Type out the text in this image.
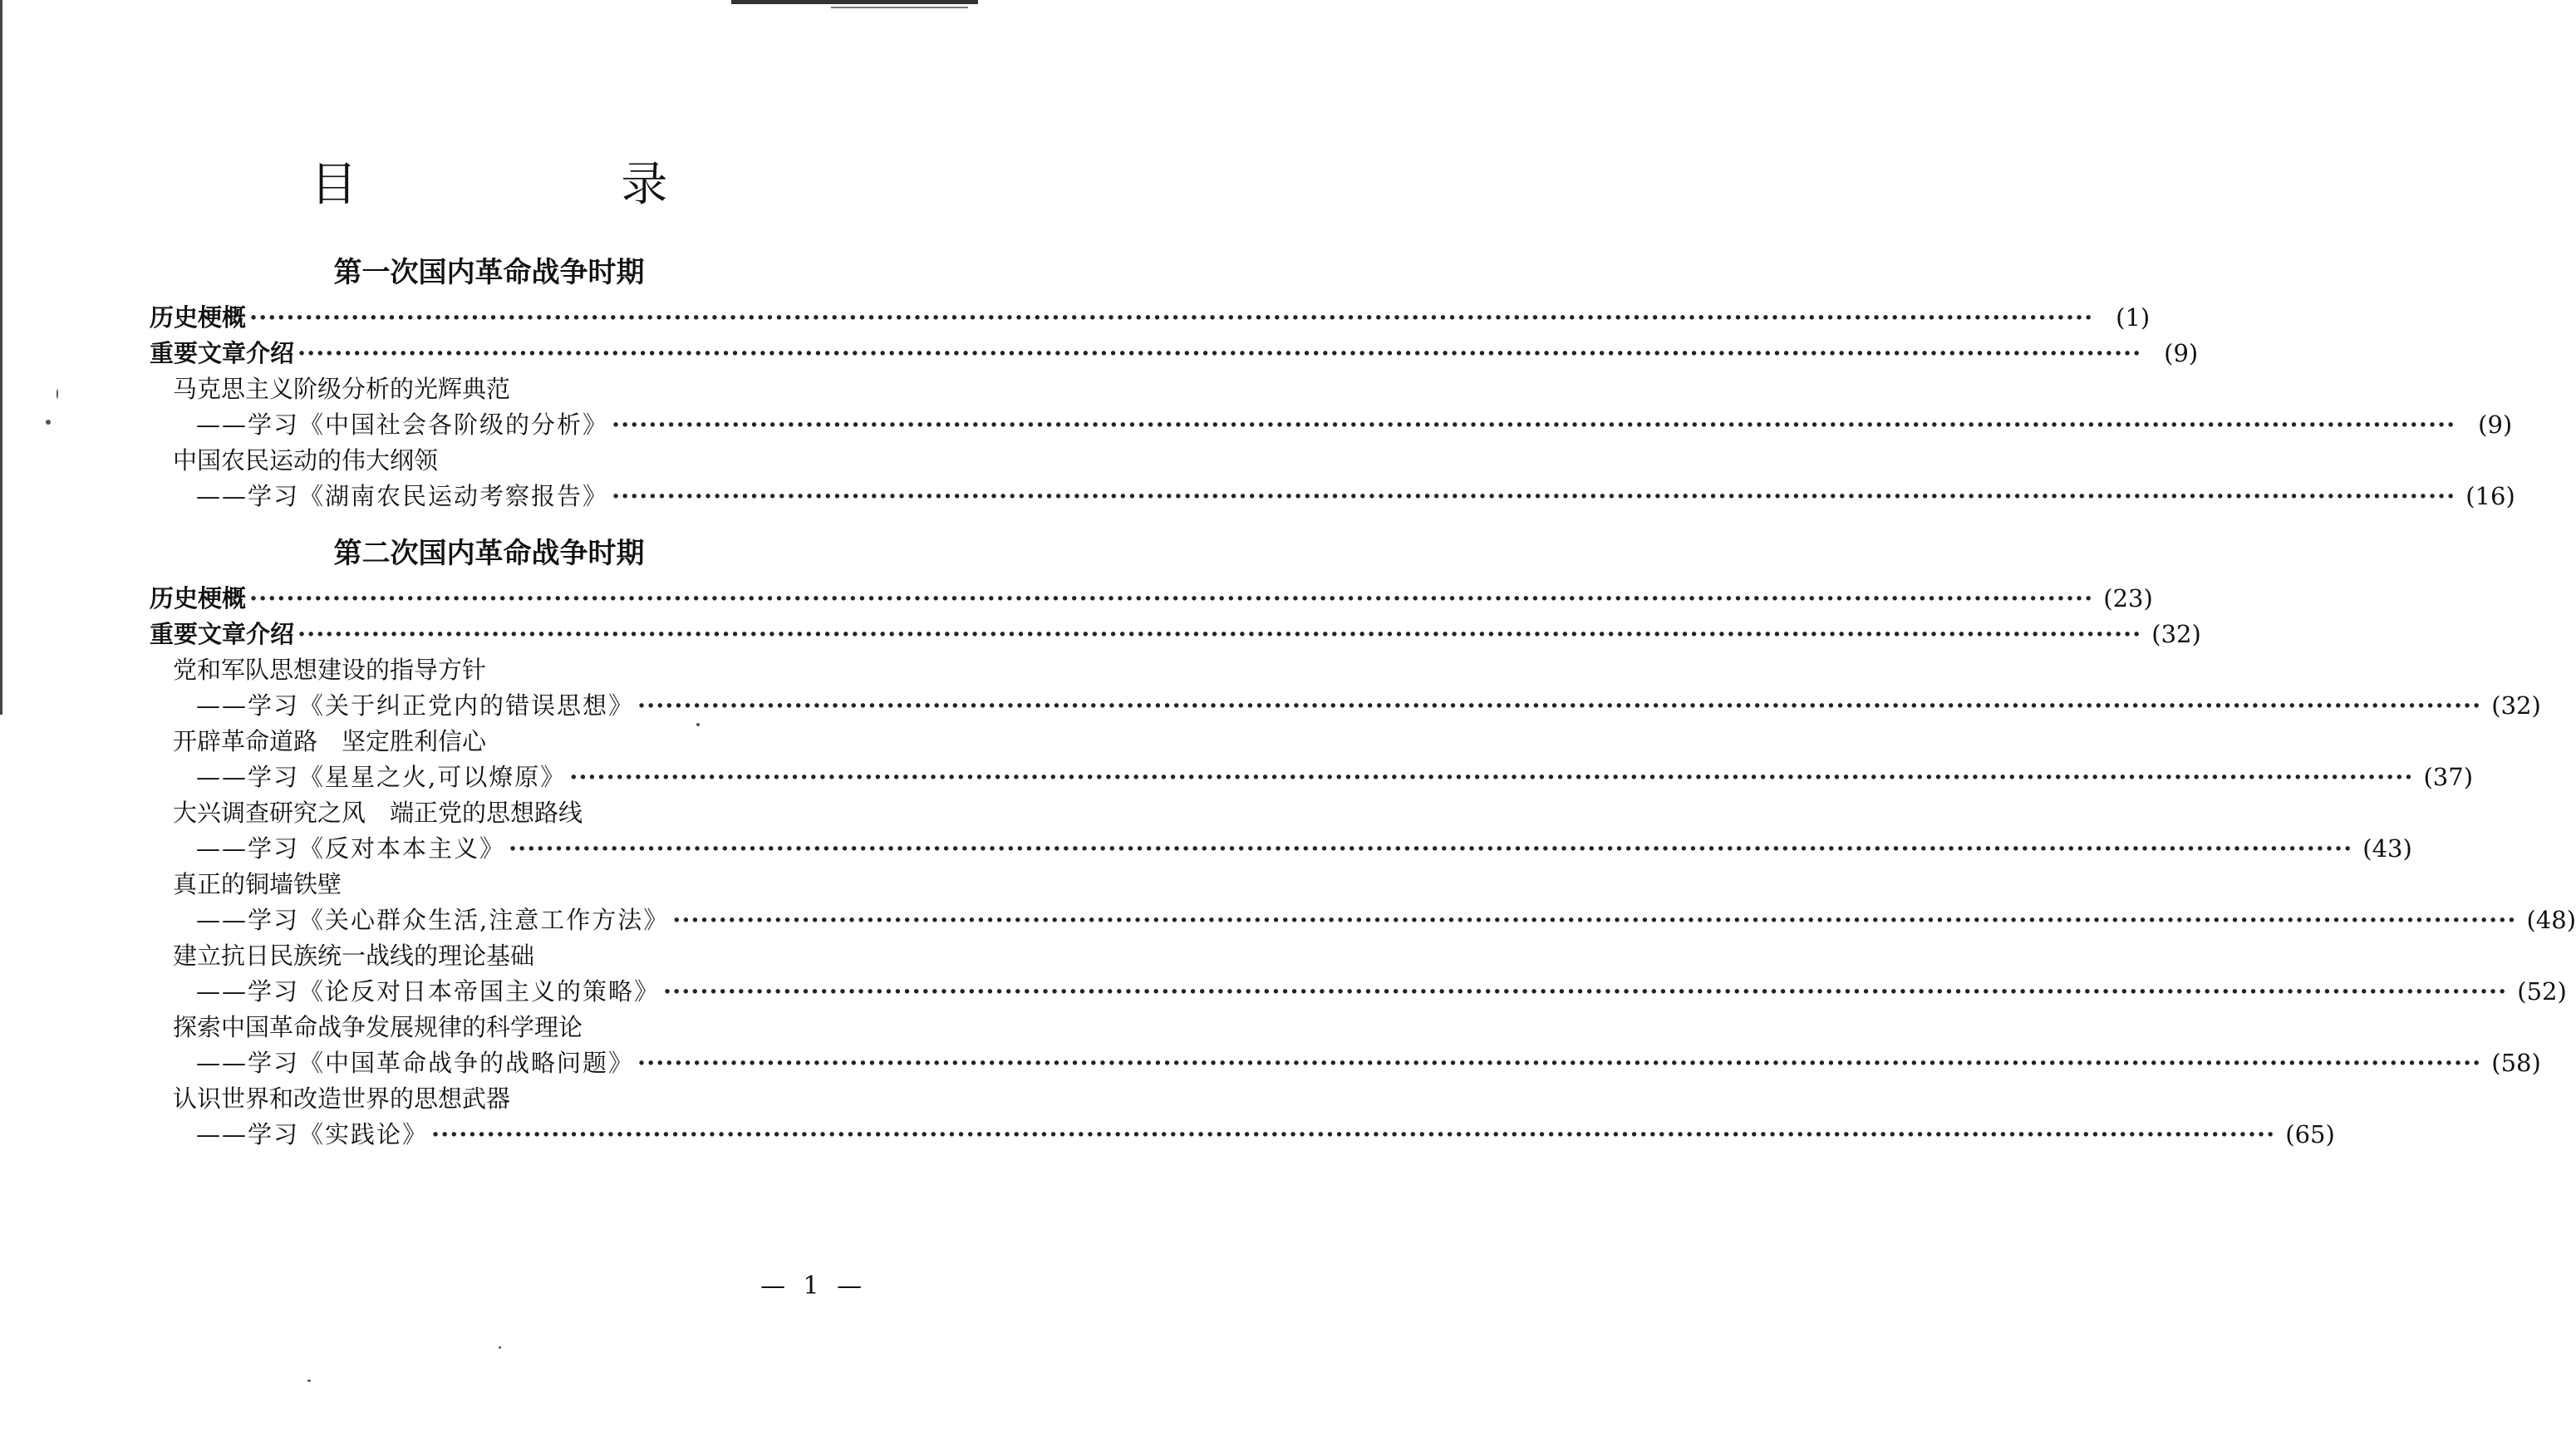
目 录
第一次国内革命战争时期
历史梗概 ········································································································································································································ (1)
重要文章介绍 ········································································································································································································ (9)
马克思主义阶级分析的光辉典范
——学习《中国社会各阶级的分析》 ········································································································································································································ (9)
中国农民运动的伟大纲领
——学习《湖南农民运动考察报告》 ········································································································································································································ (16)
第二次国内革命战争时期
历史梗概 ········································································································································································································ (23)
重要文章介绍 ········································································································································································································ (32)
党和军队思想建设的指导方针
——学习《关于纠正党内的错误思想》 ········································································································································································································ (32)
开辟革命道路　坚定胜利信心
——学习《星星之火,可以燎原》 ········································································································································································································ (37)
大兴调查研究之风　端正党的思想路线
——学习《反对本本主义》 ········································································································································································································ (43)
真正的铜墙铁壁
——学习《关心群众生活,注意工作方法》 ········································································································································································································ (48)
建立抗日民族统一战线的理论基础
——学习《论反对日本帝国主义的策略》 ········································································································································································································ (52)
探索中国革命战争发展规律的科学理论
——学习《中国革命战争的战略问题》 ········································································································································································································ (58)
认识世界和改造世界的思想武器
——学习《实践论》 ········································································································································································································ (65)
— 1 —
